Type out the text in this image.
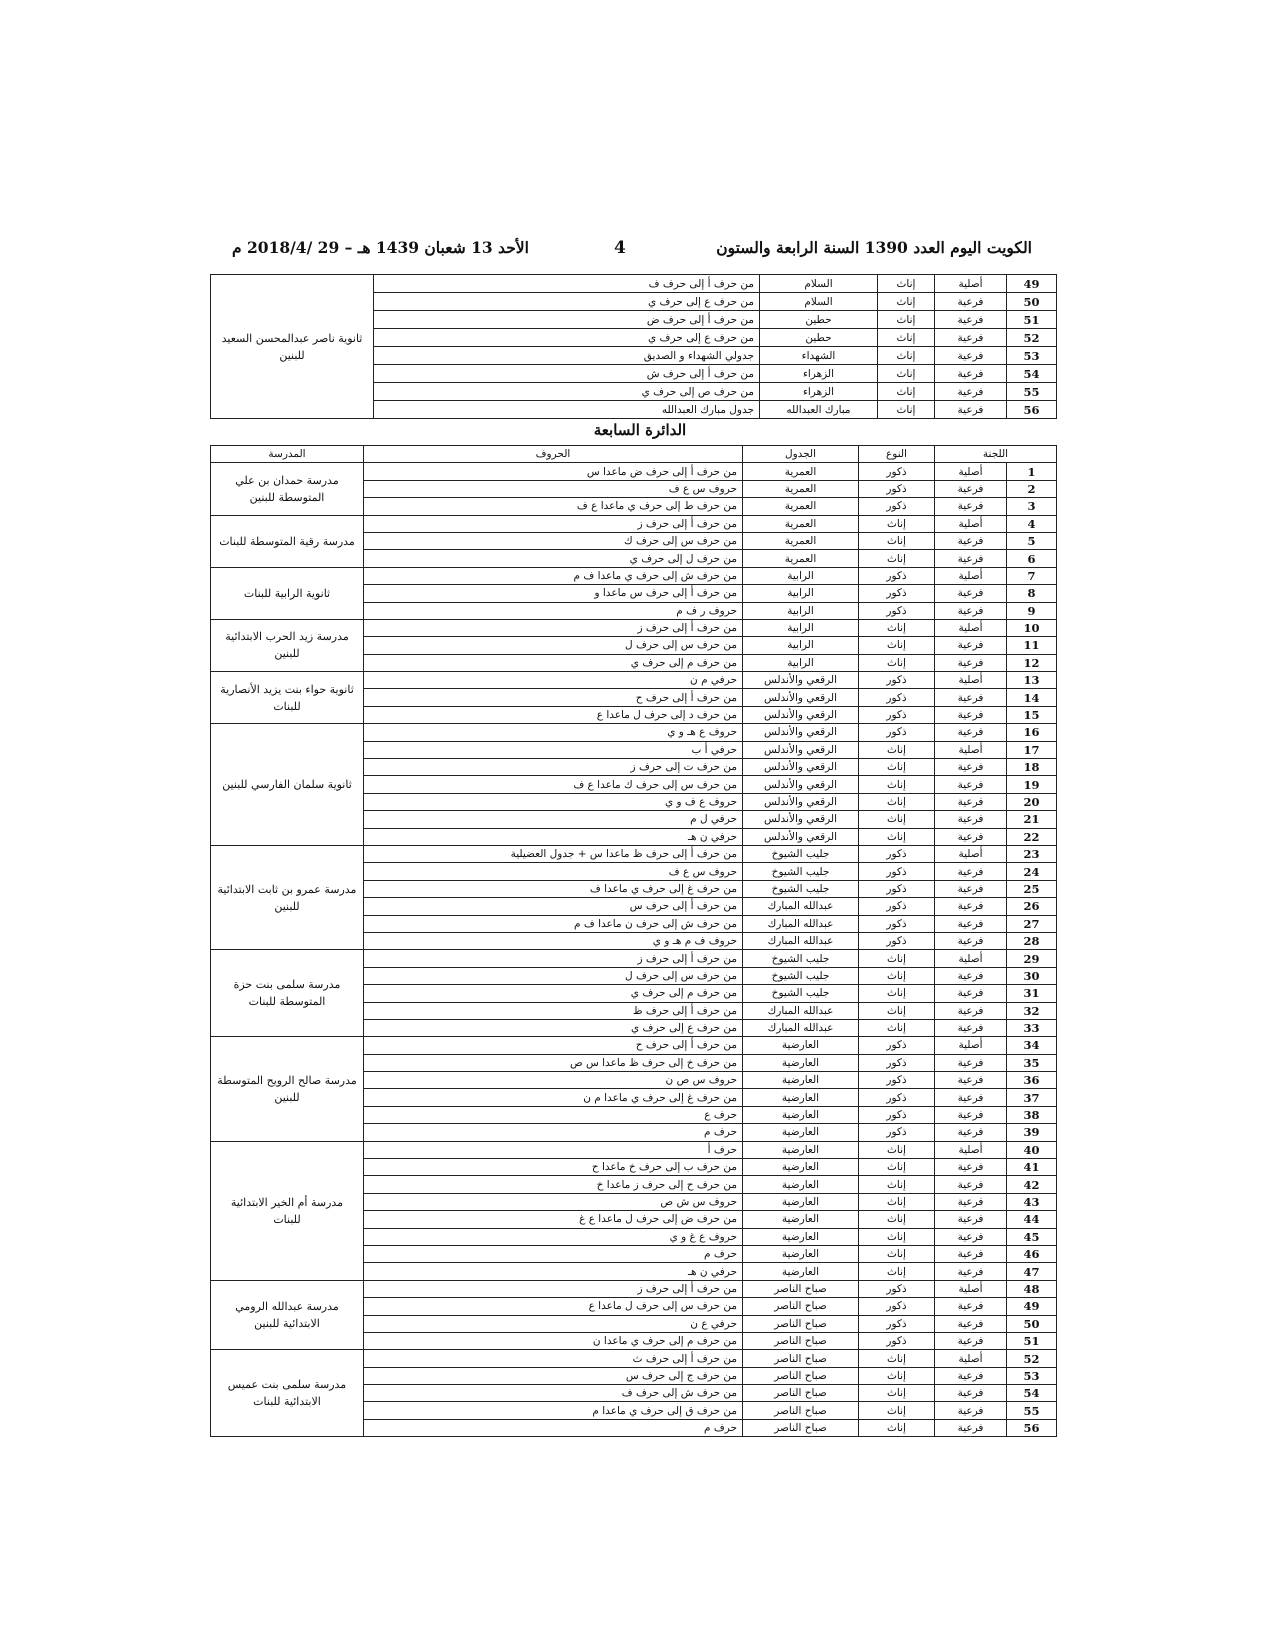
الكويت اليوم العدد 1390 السنة الرابعة والستون
4
الأحد 13 شعبان 1439 هـ – 29 /2018/4 م
49	أصلية	إناث	السلام	من حرف أ إلى حرف ف	ثانوية ناصر عبدالمحسن السعيد للبنين
50	فرعية	إناث	السلام	من حرف ع إلى حرف ي	
51	فرعية	إناث	حطين	من حرف أ إلى حرف ض	
52	فرعية	إناث	حطين	من حرف ع إلى حرف ي	
53	فرعية	إناث	الشهداء	جدولي الشهداء و الصديق	
54	فرعية	إناث	الزهراء	من حرف أ إلى حرف ش	
55	فرعية	إناث	الزهراء	من حرف ص إلى حرف ي	
56	فرعية	إناث	مبارك العبدالله	جدول مبارك العبدالله	
الدائرة السابعة
اللجنة		النوع	الجدول	الحروف	المدرسة
1	أصلية	ذكور	العمرية	من حرف أ إلى حرف ض ماعدا س	مدرسة حمدان بن علي المتوسطة للبنين
2	فرعية	ذكور	العمرية	حروف س ع ف	
3	فرعية	ذكور	العمرية	من حرف ط إلى حرف ي ماعدا ع ف	
4	أصلية	إناث	العمرية	من حرف أ إلى حرف ز	مدرسة رقية المتوسطة للبنات
5	فرعية	إناث	العمرية	من حرف س إلى حرف ك	
6	فرعية	إناث	العمرية	من حرف ل إلى حرف ي	
7	أصلية	ذكور	الرابية	من حرف ش إلى حرف ي ماعدا ف م	ثانوية الرابية للبنات
8	فرعية	ذكور	الرابية	من حرف أ إلى حرف س ماعدا و	
9	فرعية	ذكور	الرابية	حروف ر ف م	
10	أصلية	إناث	الرابية	من حرف أ إلى حرف ز	مدرسة زيد الحرب الابتدائية للبنين
11	فرعية	إناث	الرابية	من حرف س إلى حرف ل	
12	فرعية	إناث	الرابية	من حرف م إلى حرف ي	
13	أصلية	ذكور	الرقعي والأندلس	حرفي م ن	ثانوية حواء بنت يزيد الأنصارية للبنات
14	فرعية	ذكور	الرقعي والأندلس	من حرف أ إلى حرف ح	
15	فرعية	ذكور	الرقعي والأندلس	من حرف د إلى حرف ل ماعدا ع	
16	فرعية	ذكور	الرقعي والأندلس	حروف ع هـ و ي	ثانوية سلمان الفارسي للبنين
17	أصلية	إناث	الرقعي والأندلس	حرفي أ ب	
18	فرعية	إناث	الرقعي والأندلس	من حرف ت إلى حرف ز	
19	فرعية	إناث	الرقعي والأندلس	من حرف س إلى حرف ك ماعدا ع ف	
20	فرعية	إناث	الرقعي والأندلس	حروف ع ف و ي	
21	فرعية	إناث	الرقعي والأندلس	حرفي ل م	
22	فرعية	إناث	الرقعي والأندلس	حرفي ن هـ	
23	أصلية	ذكور	جليب الشيوخ	من حرف أ إلى حرف ظ ماعدا س + جدول العضيلية	مدرسة عمرو بن ثابت الابتدائية للبنين
24	فرعية	ذكور	جليب الشيوخ	حروف س ع ف	
25	فرعية	ذكور	جليب الشيوخ	من حرف غ إلى حرف ي ماعدا ف	
26	فرعية	ذكور	عبدالله المبارك	من حرف أ إلى حرف س	
27	فرعية	ذكور	عبدالله المبارك	من حرف ش إلى حرف ن ماعدا ف م	
28	فرعية	ذكور	عبدالله المبارك	حروف ف م هـ و ي	
29	أصلية	إناث	جليب الشيوخ	من حرف أ إلى حرف ز	مدرسة سلمى بنت حزة المتوسطة للبنات
30	فرعية	إناث	جليب الشيوخ	من حرف س إلى حرف ل	
31	فرعية	إناث	جليب الشيوخ	من حرف م إلى حرف ي	
32	فرعية	إناث	عبدالله المبارك	من حرف أ إلى حرف ظ	
33	فرعية	إناث	عبدالله المبارك	من حرف ع إلى حرف ي	
34	أصلية	ذكور	العارضية	من حرف أ إلى حرف ح	مدرسة صالح الرويح المتوسطة للبنين
35	فرعية	ذكور	العارضية	من حرف خ إلى حرف ظ ماعدا س ص	
36	فرعية	ذكور	العارضية	حروف س ص ن	
37	فرعية	ذكور	العارضية	من حرف غ إلى حرف ي ماعدا م ن	
38	فرعية	ذكور	العارضية	حرف ع	
39	فرعية	ذكور	العارضية	حرف م	
40	أصلية	إناث	العارضية	حرف أ	مدرسة أم الخير الابتدائية للبنات
41	فرعية	إناث	العارضية	من حرف ب إلى حرف خ ماعدا ح	
42	فرعية	إناث	العارضية	من حرف ح إلى حرف ز ماعدا خ	
43	فرعية	إناث	العارضية	حروف س ش ص	
44	فرعية	إناث	العارضية	من حرف ض إلى حرف ل ماعدا ع غ	
45	فرعية	إناث	العارضية	حروف ع غ و ي	
46	فرعية	إناث	العارضية	حرف م	
47	فرعية	إناث	العارضية	حرفي ن هـ	
48	أصلية	ذكور	صباح الناصر	من حرف أ إلى حرف ز	مدرسة عبدالله الرومي الابتدائية للبنين
49	فرعية	ذكور	صباح الناصر	من حرف س إلى حرف ل ماعدا ع	
50	فرعية	ذكور	صباح الناصر	حرفي ع ن	
51	فرعية	ذكور	صباح الناصر	من حرف م إلى حرف ي ماعدا ن	
52	أصلية	إناث	صباح الناصر	من حرف أ إلى حرف ث	مدرسة سلمى بنت عميس الابتدائية للبنات
53	فرعية	إناث	صباح الناصر	من حرف ج إلى حرف س	
54	فرعية	إناث	صباح الناصر	من حرف ش إلى حرف ف	
55	فرعية	إناث	صباح الناصر	من حرف ق إلى حرف ي ماعدا م	
56	فرعية	إناث	صباح الناصر	حرف م	
